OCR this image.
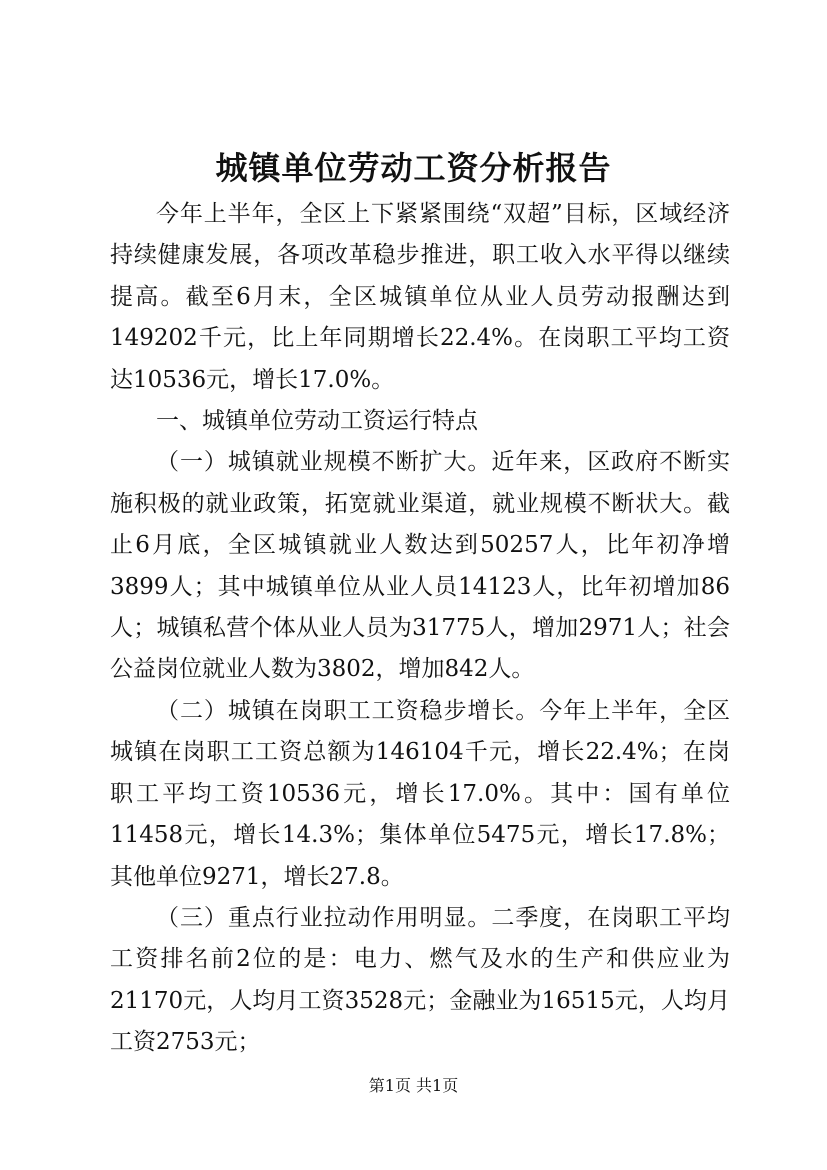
城镇单位劳动工资分析报告

今年上半年，全区上下紧紧围绕“双超”目标，区域经济持续健康发展，各项改革稳步推进，职工收入水平得以继续提高。截至6月末，全区城镇单位从业人员劳动报酬达到149202千元，比上年同期增长22.4%。在岗职工平均工资达10536元，增长17.0%。

一、城镇单位劳动工资运行特点

（一）城镇就业规模不断扩大。近年来，区政府不断实施积极的就业政策，拓宽就业渠道，就业规模不断状大。截止6月底，全区城镇就业人数达到50257人，比年初净增3899人；其中城镇单位从业人员14123人，比年初增加86人；城镇私营个体从业人员为31775人，增加2971人；社会公益岗位就业人数为3802，增加842人。

（二）城镇在岗职工工资稳步增长。今年上半年，全区城镇在岗职工工资总额为146104千元，增长22.4%；在岗职工平均工资10536元，增长17.0%。其中：国有单位11458元，增长14.3%；集体单位5475元，增长17.8%；其他单位9271，增长27.8。

（三）重点行业拉动作用明显。二季度，在岗职工平均工资排名前2位的是：电力、燃气及水的生产和供应业为21170元，人均月工资3528元；金融业为16515元，人均月工资2753元；

第1页 共1页
